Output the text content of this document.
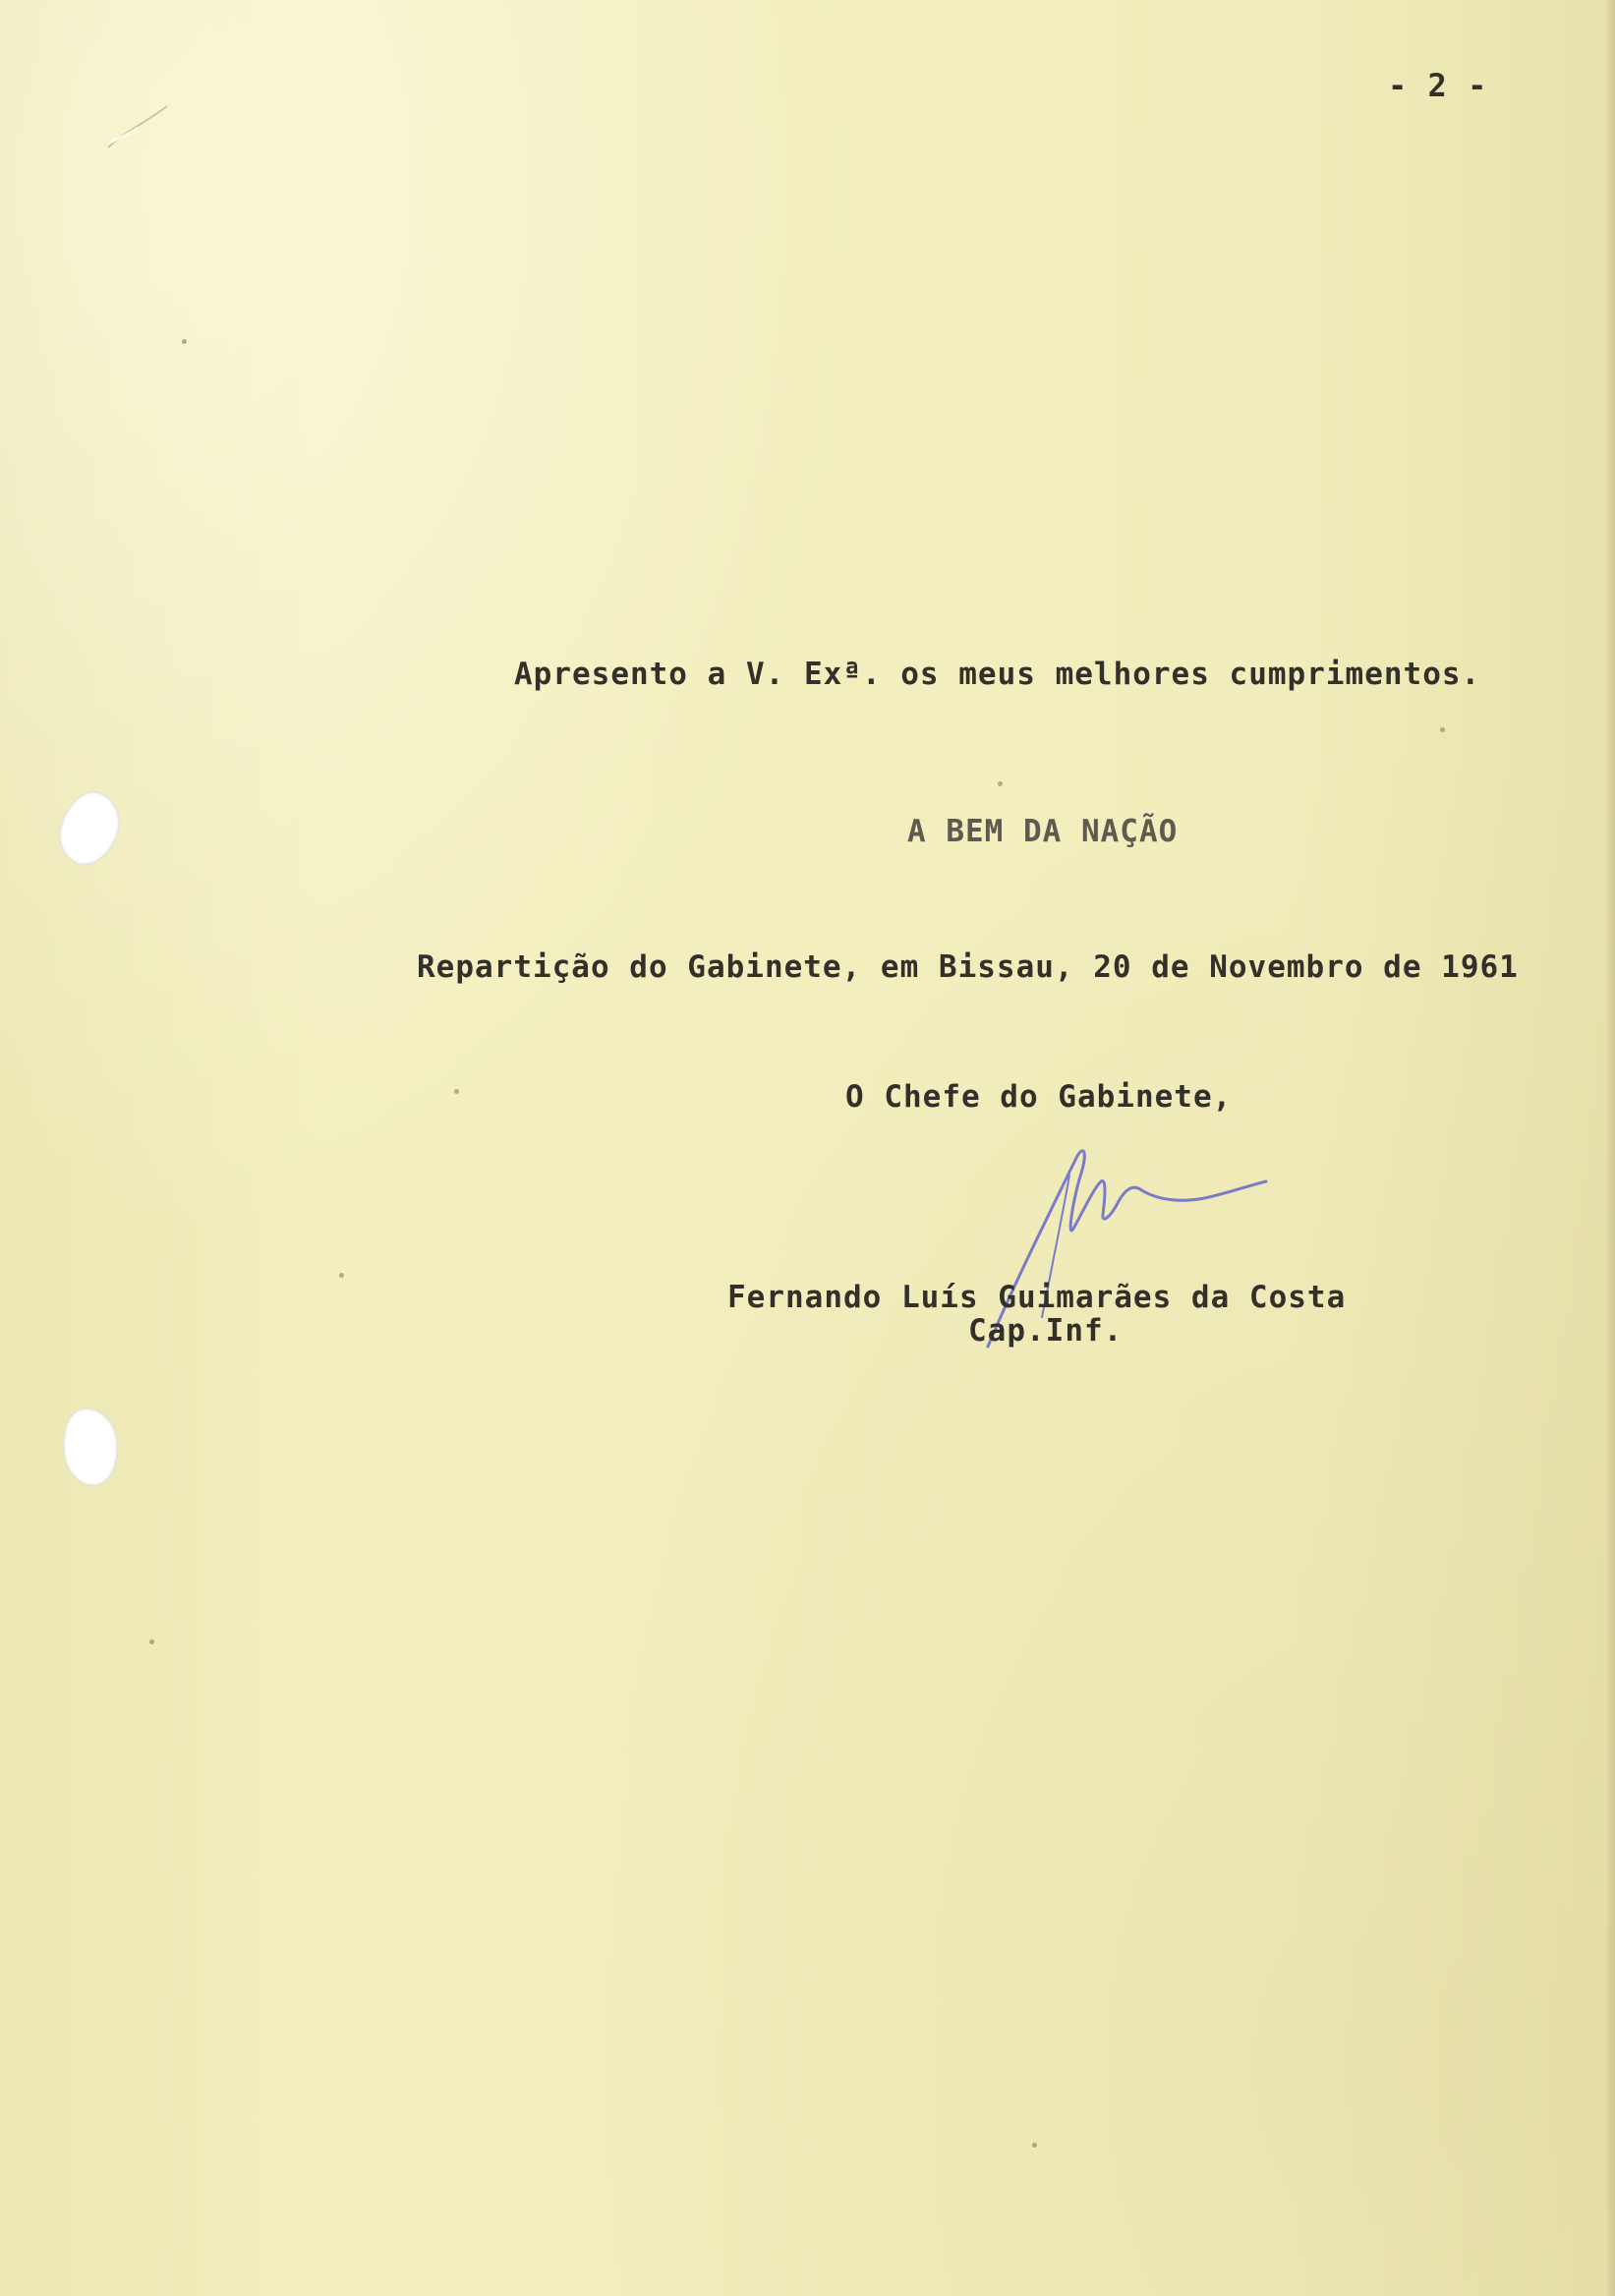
- 2 -

Apresento a V. Exª. os meus melhores cumprimentos.

A BEM DA NAÇÃO

Repartição do Gabinete, em Bissau, 20 de Novembro de 1961

O Chefe do Gabinete,

Fernando Luís Guimarães da Costa

Cap.Inf.
